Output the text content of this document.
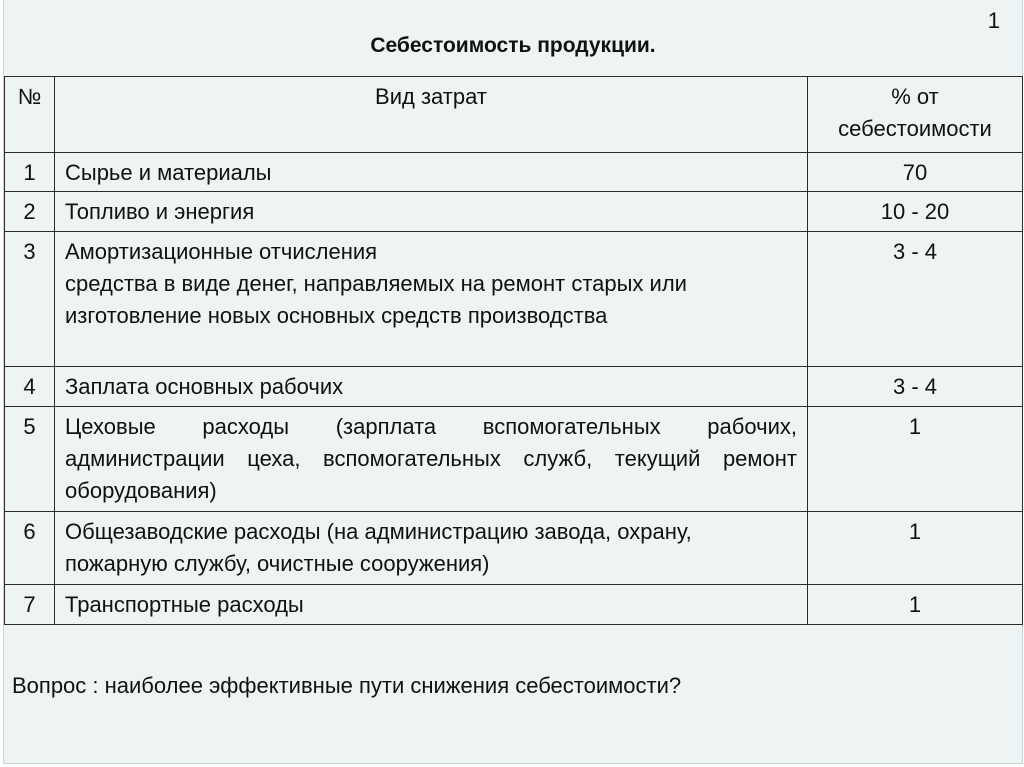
1
Себестоимость продукции.
№	Вид затрат	% от
себестоимости

1	Сырье и материалы	70
2	Топливо и энергия	10 - 20
3	Амортизационные отчисления
средства в виде денег, направляемых на ремонт старых или изготовление новых основных средств производства	3 - 4
4	Заплата основных рабочих	3 - 4
5	Цеховые расходы (зарплата вспомогательных рабочих, администрации цеха, вспомогательных служб, текущий ремонт оборудования)	1
6	Общезаводские расходы (на администрацию завода, охрану, пожарную службу, очистные сооружения)	1
7	Транспортные расходы	1
Вопрос : наиболее эффективные пути снижения себестоимости?
